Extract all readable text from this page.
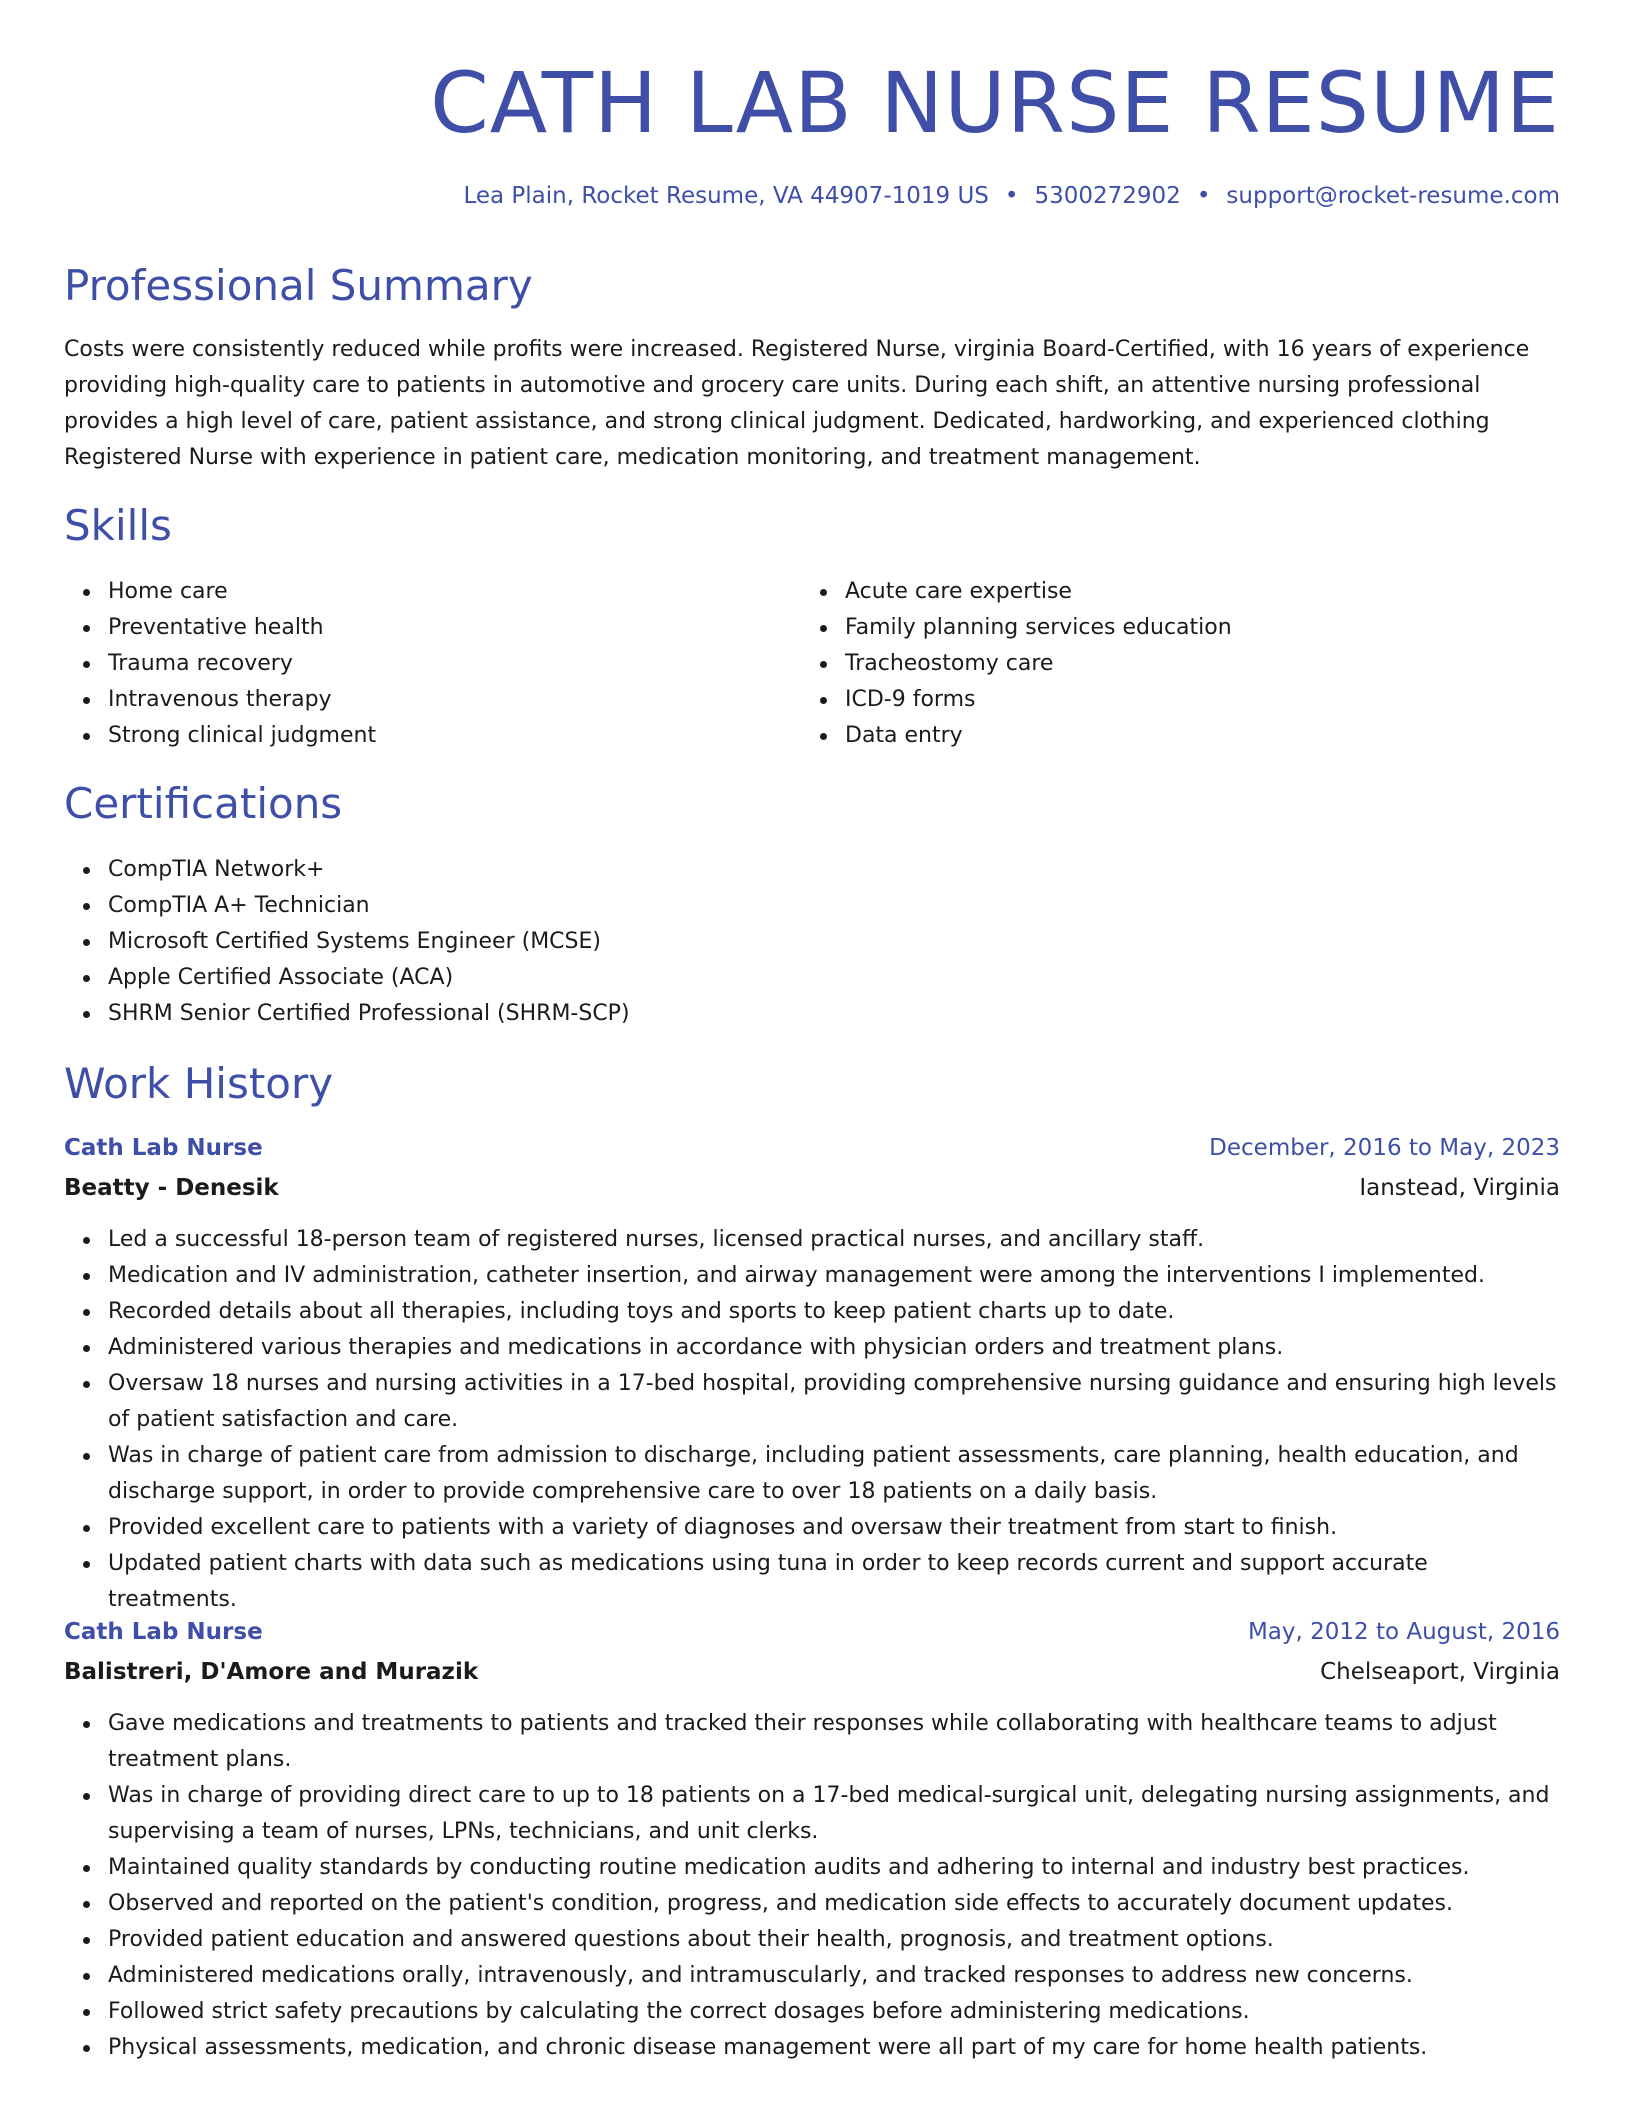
CATH LAB NURSE RESUME
Lea Plain, Rocket Resume, VA 44907-1019 US • 5300272902 • support@rocket-resume.com
Professional Summary

Costs were consistently reduced while profits were increased. Registered Nurse, virginia Board-Certified, with 16 years of experience providing high-quality care to patients in automotive and grocery care units. During each shift, an attentive nursing professional provides a high level of care, patient assistance, and strong clinical judgment. Dedicated, hardworking, and experienced clothing Registered Nurse with experience in patient care, medication monitoring, and treatment management.

Skills
Home care
Preventative health
Trauma recovery
Intravenous therapy
Strong clinical judgment
Acute care expertise
Family planning services education
Tracheostomy care
ICD-9 forms
Data entry
Certifications
CompTIA Network+
CompTIA A+ Technician
Microsoft Certified Systems Engineer (MCSE)
Apple Certified Associate (ACA)
SHRM Senior Certified Professional (SHRM-SCP)
Work History
Cath Lab Nurse	December, 2016 to May, 2023
Beatty - Denesik	Ianstead, Virginia
Led a successful 18-person team of registered nurses, licensed practical nurses, and ancillary staff.
Medication and IV administration, catheter insertion, and airway management were among the interventions I implemented.
Recorded details about all therapies, including toys and sports to keep patient charts up to date.
Administered various therapies and medications in accordance with physician orders and treatment plans.
Oversaw 18 nurses and nursing activities in a 17-bed hospital, providing comprehensive nursing guidance and ensuring high levels of patient satisfaction and care.
Was in charge of patient care from admission to discharge, including patient assessments, care planning, health education, and discharge support, in order to provide comprehensive care to over 18 patients on a daily basis.
Provided excellent care to patients with a variety of diagnoses and oversaw their treatment from start to finish.
Updated patient charts with data such as medications using tuna in order to keep records current and support accurate treatments.
Cath Lab Nurse	May, 2012 to August, 2016
Balistreri, D'Amore and Murazik	Chelseaport, Virginia
Gave medications and treatments to patients and tracked their responses while collaborating with healthcare teams to adjust treatment plans.
Was in charge of providing direct care to up to 18 patients on a 17-bed medical-surgical unit, delegating nursing assignments, and supervising a team of nurses, LPNs, technicians, and unit clerks.
Maintained quality standards by conducting routine medication audits and adhering to internal and industry best practices.
Observed and reported on the patient's condition, progress, and medication side effects to accurately document updates.
Provided patient education and answered questions about their health, prognosis, and treatment options.
Administered medications orally, intravenously, and intramuscularly, and tracked responses to address new concerns.
Followed strict safety precautions by calculating the correct dosages before administering medications.
Physical assessments, medication, and chronic disease management were all part of my care for home health patients.
